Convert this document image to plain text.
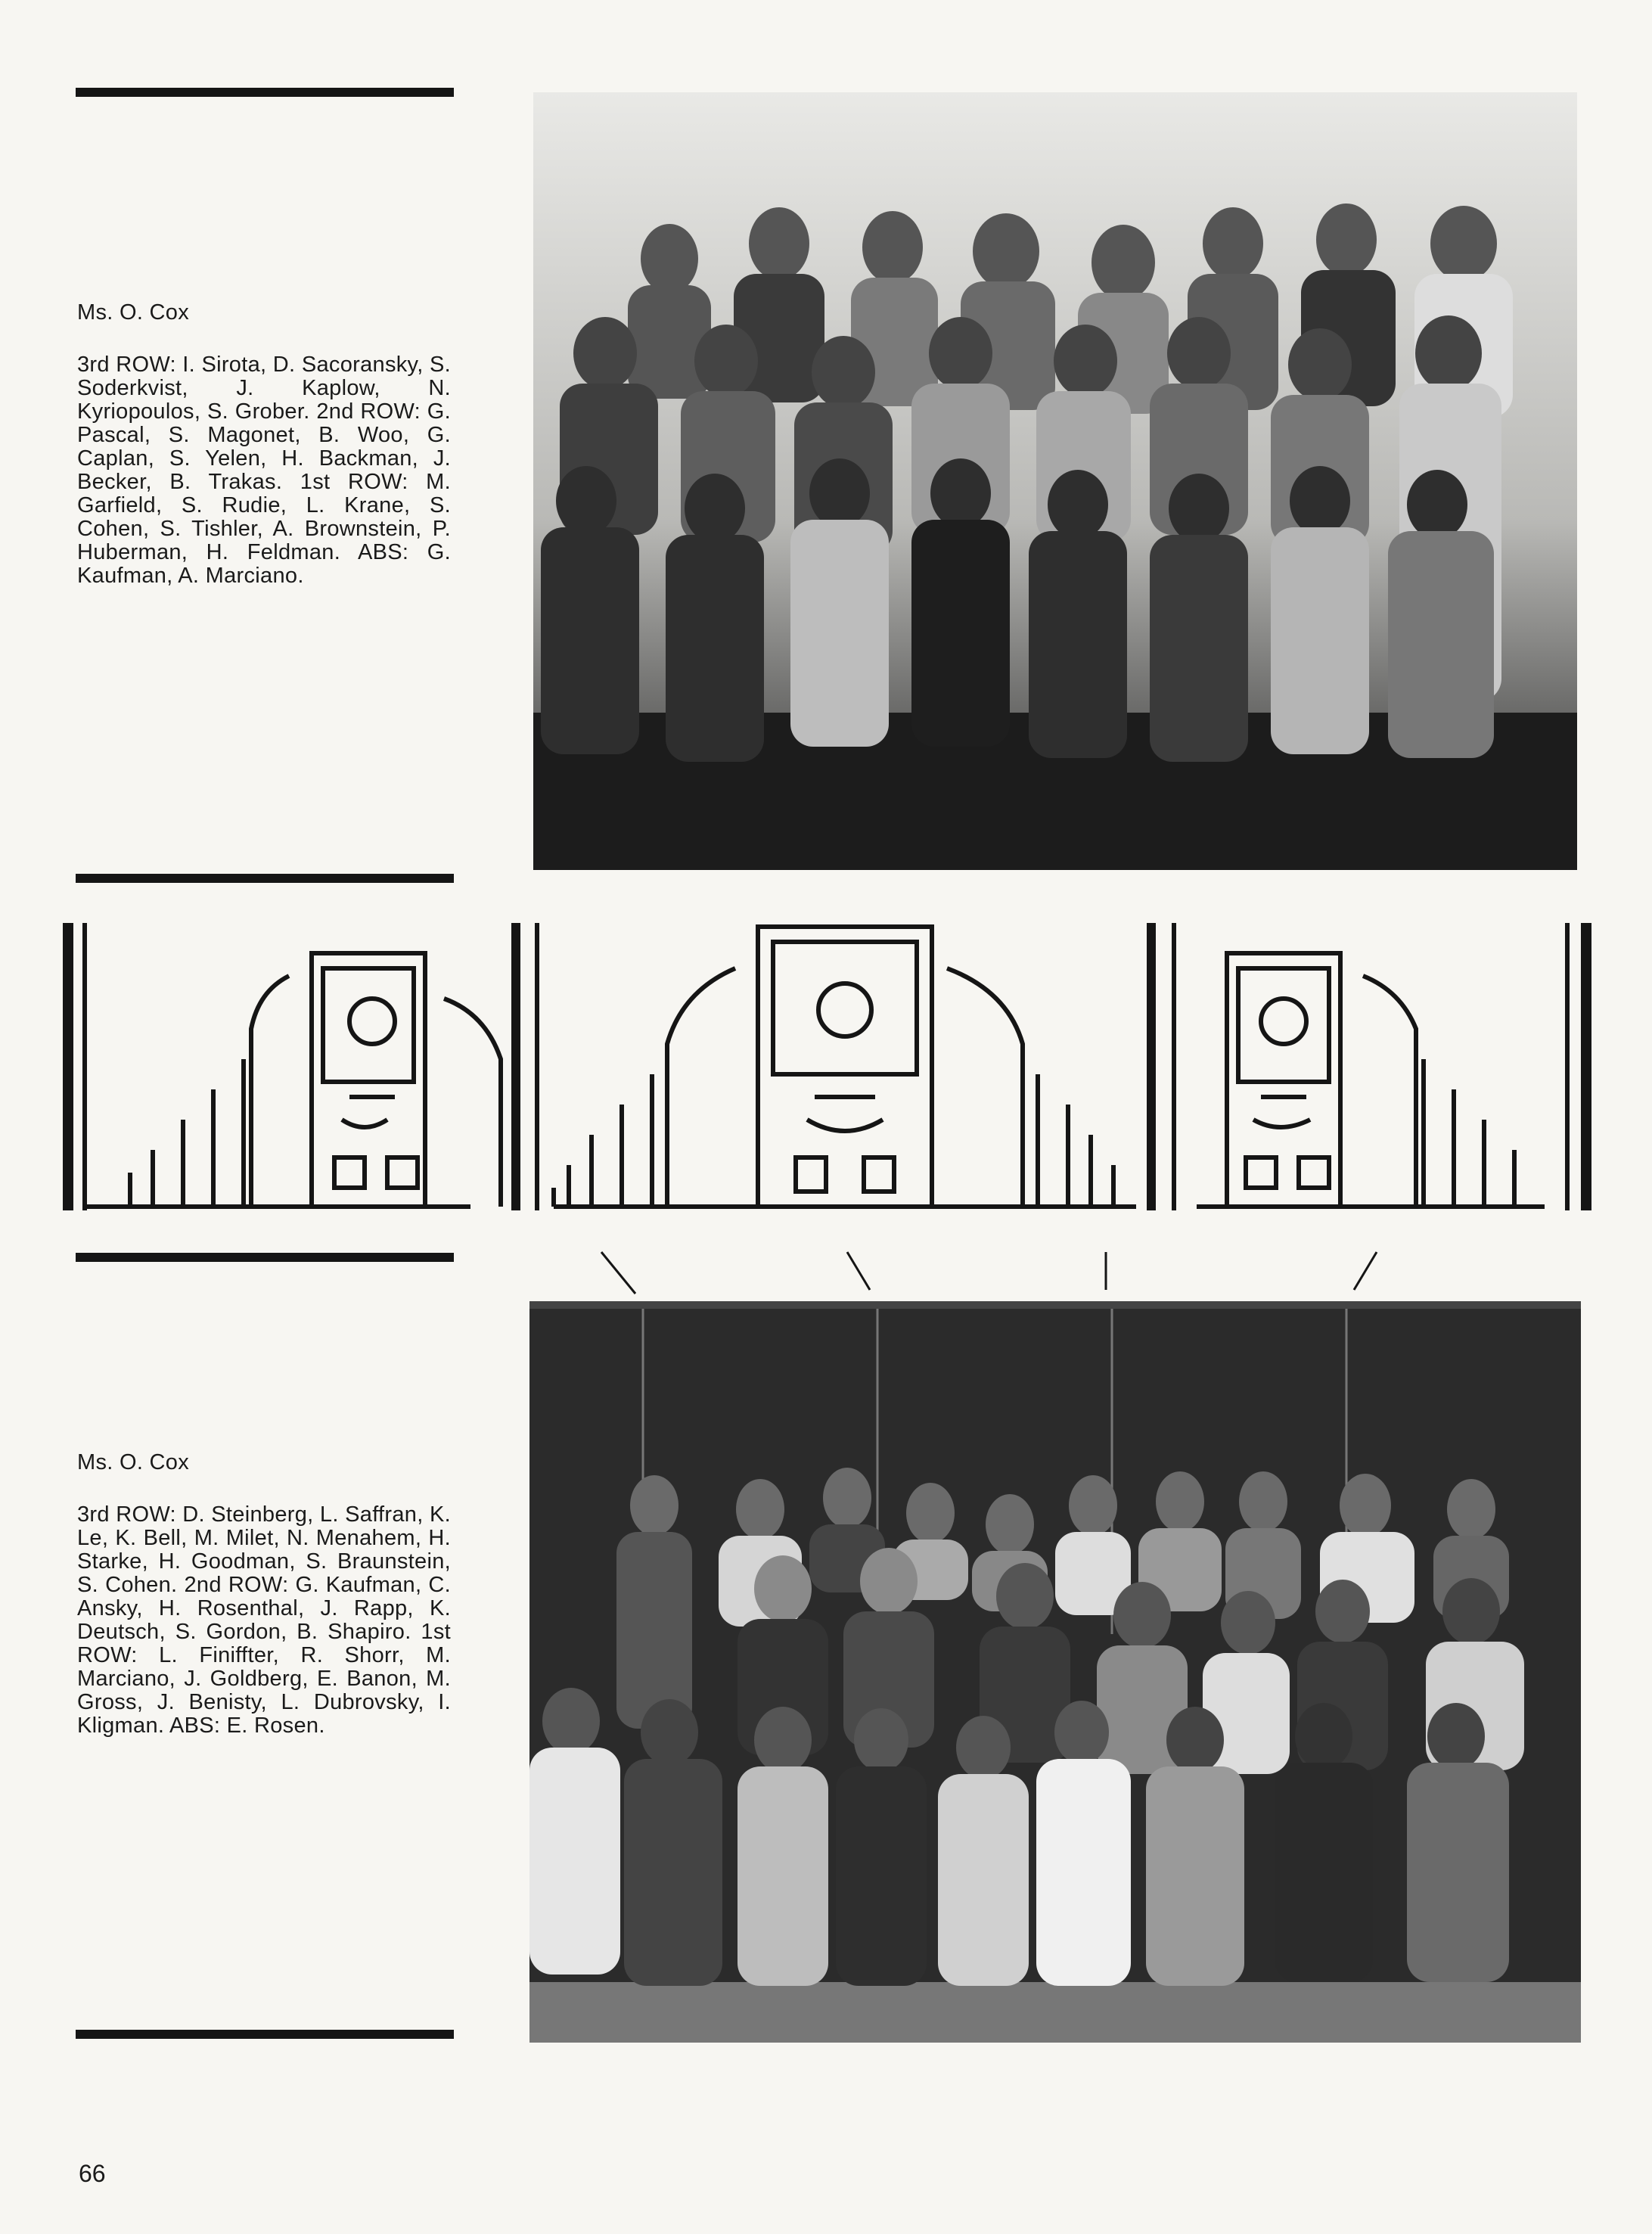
Ms. O. Cox

3rd ROW: I. Sirota, D. Sacoransky, S. Soderkvist, J. Kaplow, N. Kyriopoulos, S. Grober. 2nd ROW: G. Pascal, S. Magonet, B. Woo, G. Caplan, S. Yelen, H. Backman, J. Becker, B. Trakas. 1st ROW: M. Garfield, S. Rudie, L. Krane, S. Cohen, S. Tishler, A. Brownstein, P. Huberman, H. Feldman. ABS: G. Kaufman, A. Marciano.

Ms. O. Cox

3rd ROW: D. Steinberg, L. Saffran, K. Le, K. Bell, M. Milet, N. Menahem, H. Starke, H. Goodman, S. Braunstein, S. Cohen. 2nd ROW: G. Kaufman, C. Ansky, H. Rosenthal, J. Rapp, K. Deutsch, S. Gordon, B. Shapiro. 1st ROW: L. Finiffter, R. Shorr, M. Marciano, J. Goldberg, E. Banon, M. Gross, J. Benisty, L. Dubrovsky, I. Kligman. ABS: E. Rosen.

66
